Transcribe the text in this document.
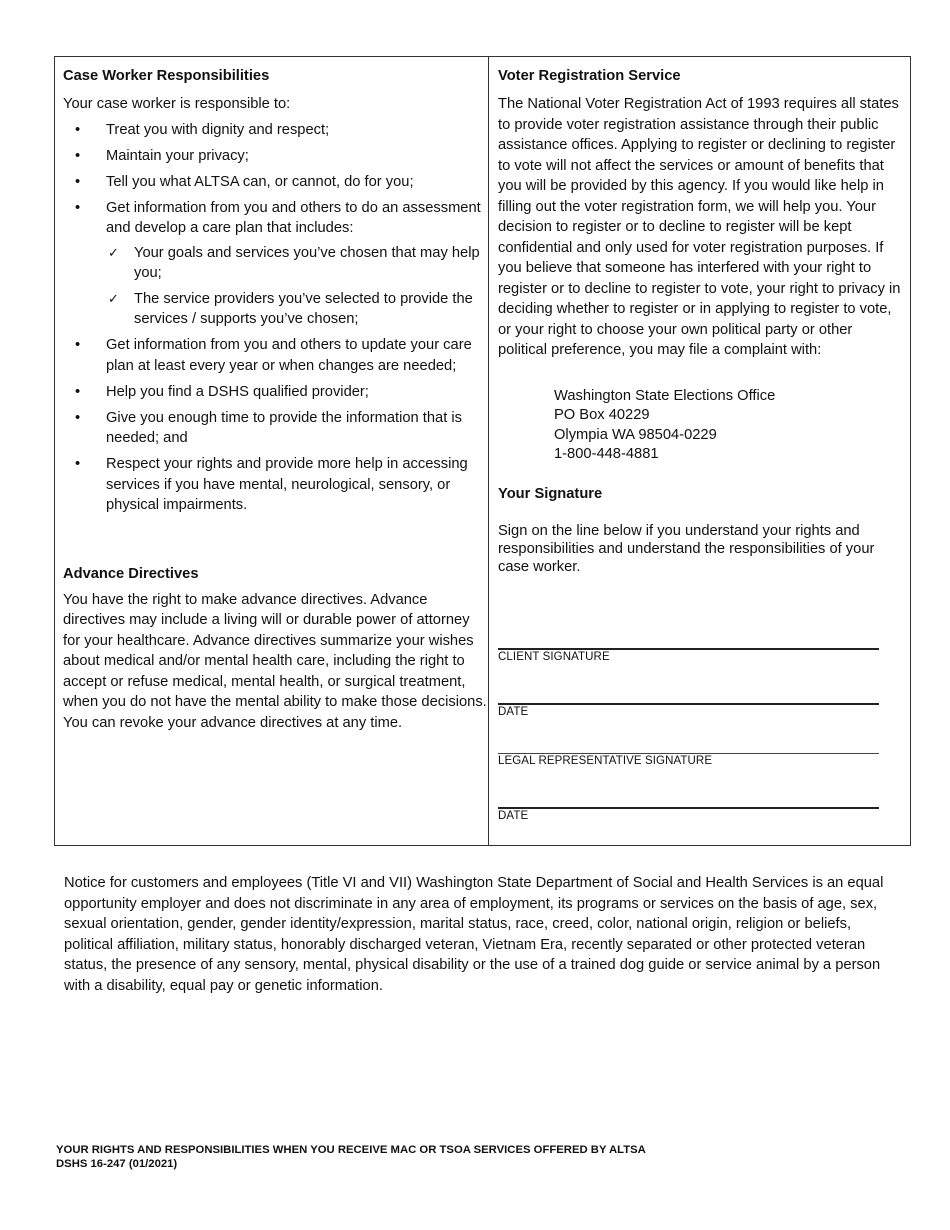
Case Worker Responsibilities

Your case worker is responsible to:

• Treat you with dignity and respect;
• Maintain your privacy;
• Tell you what ALTSA can, or cannot, do for you;
• Get information from you and others to do an assessment and develop a care plan that includes:
✓ Your goals and services you’ve chosen that may help you;
✓ The service providers you’ve selected to provide the services / supports you’ve chosen;
• Get information from you and others to update your care plan at least every year or when changes are needed;
• Help you find a DSHS qualified provider;
• Give you enough time to provide the information that is needed; and
• Respect your rights and provide more help in accessing services if you have mental, neurological, sensory, or physical impairments.
Advance Directives

You have the right to make advance directives. Advance directives may include a living will or durable power of attorney for your healthcare. Advance directives summarize your wishes about medical and/or mental health care, including the right to accept or refuse medical, mental health, or surgical treatment, when you do not have the mental ability to make those decisions. You can revoke your advance directives at any time.

Voter Registration Service

The National Voter Registration Act of 1993 requires all states to provide voter registration assistance through their public assistance offices. Applying to register or declining to register to vote will not affect the services or amount of benefits that you will be provided by this agency. If you would like help in filling out the voter registration form, we will help you. Your decision to register or to decline to register will be kept confidential and only used for voter registration purposes. If you believe that someone has interfered with your right to register or to decline to register to vote, your right to privacy in deciding whether to register or in applying to register to vote, or your right to choose your own political party or other political preference, you may file a complaint with:

Washington State Elections Office
PO Box 40229
Olympia WA 98504-0229
1-800-448-4881
Your Signature

Sign on the line below if you understand your rights and responsibilities and understand the responsibilities of your case worker.

CLIENT SIGNATURE
DATE
LEGAL REPRESENTATIVE SIGNATURE
DATE
Notice for customers and employees (Title VI and VII) Washington State Department of Social and Health Services is an equal opportunity employer and does not discriminate in any area of employment, its programs or services on the basis of age, sex, sexual orientation, gender, gender identity/expression, marital status, race, creed, color, national origin, religion or beliefs, political affiliation, military status, honorably discharged veteran, Vietnam Era, recently separated or other protected veteran status, the presence of any sensory, mental, physical disability or the use of a trained dog guide or service animal by a person with a disability, equal pay or genetic information.
YOUR RIGHTS AND RESPONSIBILITIES WHEN YOU RECEIVE MAC OR TSOA SERVICES OFFERED BY ALTSA
DSHS 16-247 (01/2021)
